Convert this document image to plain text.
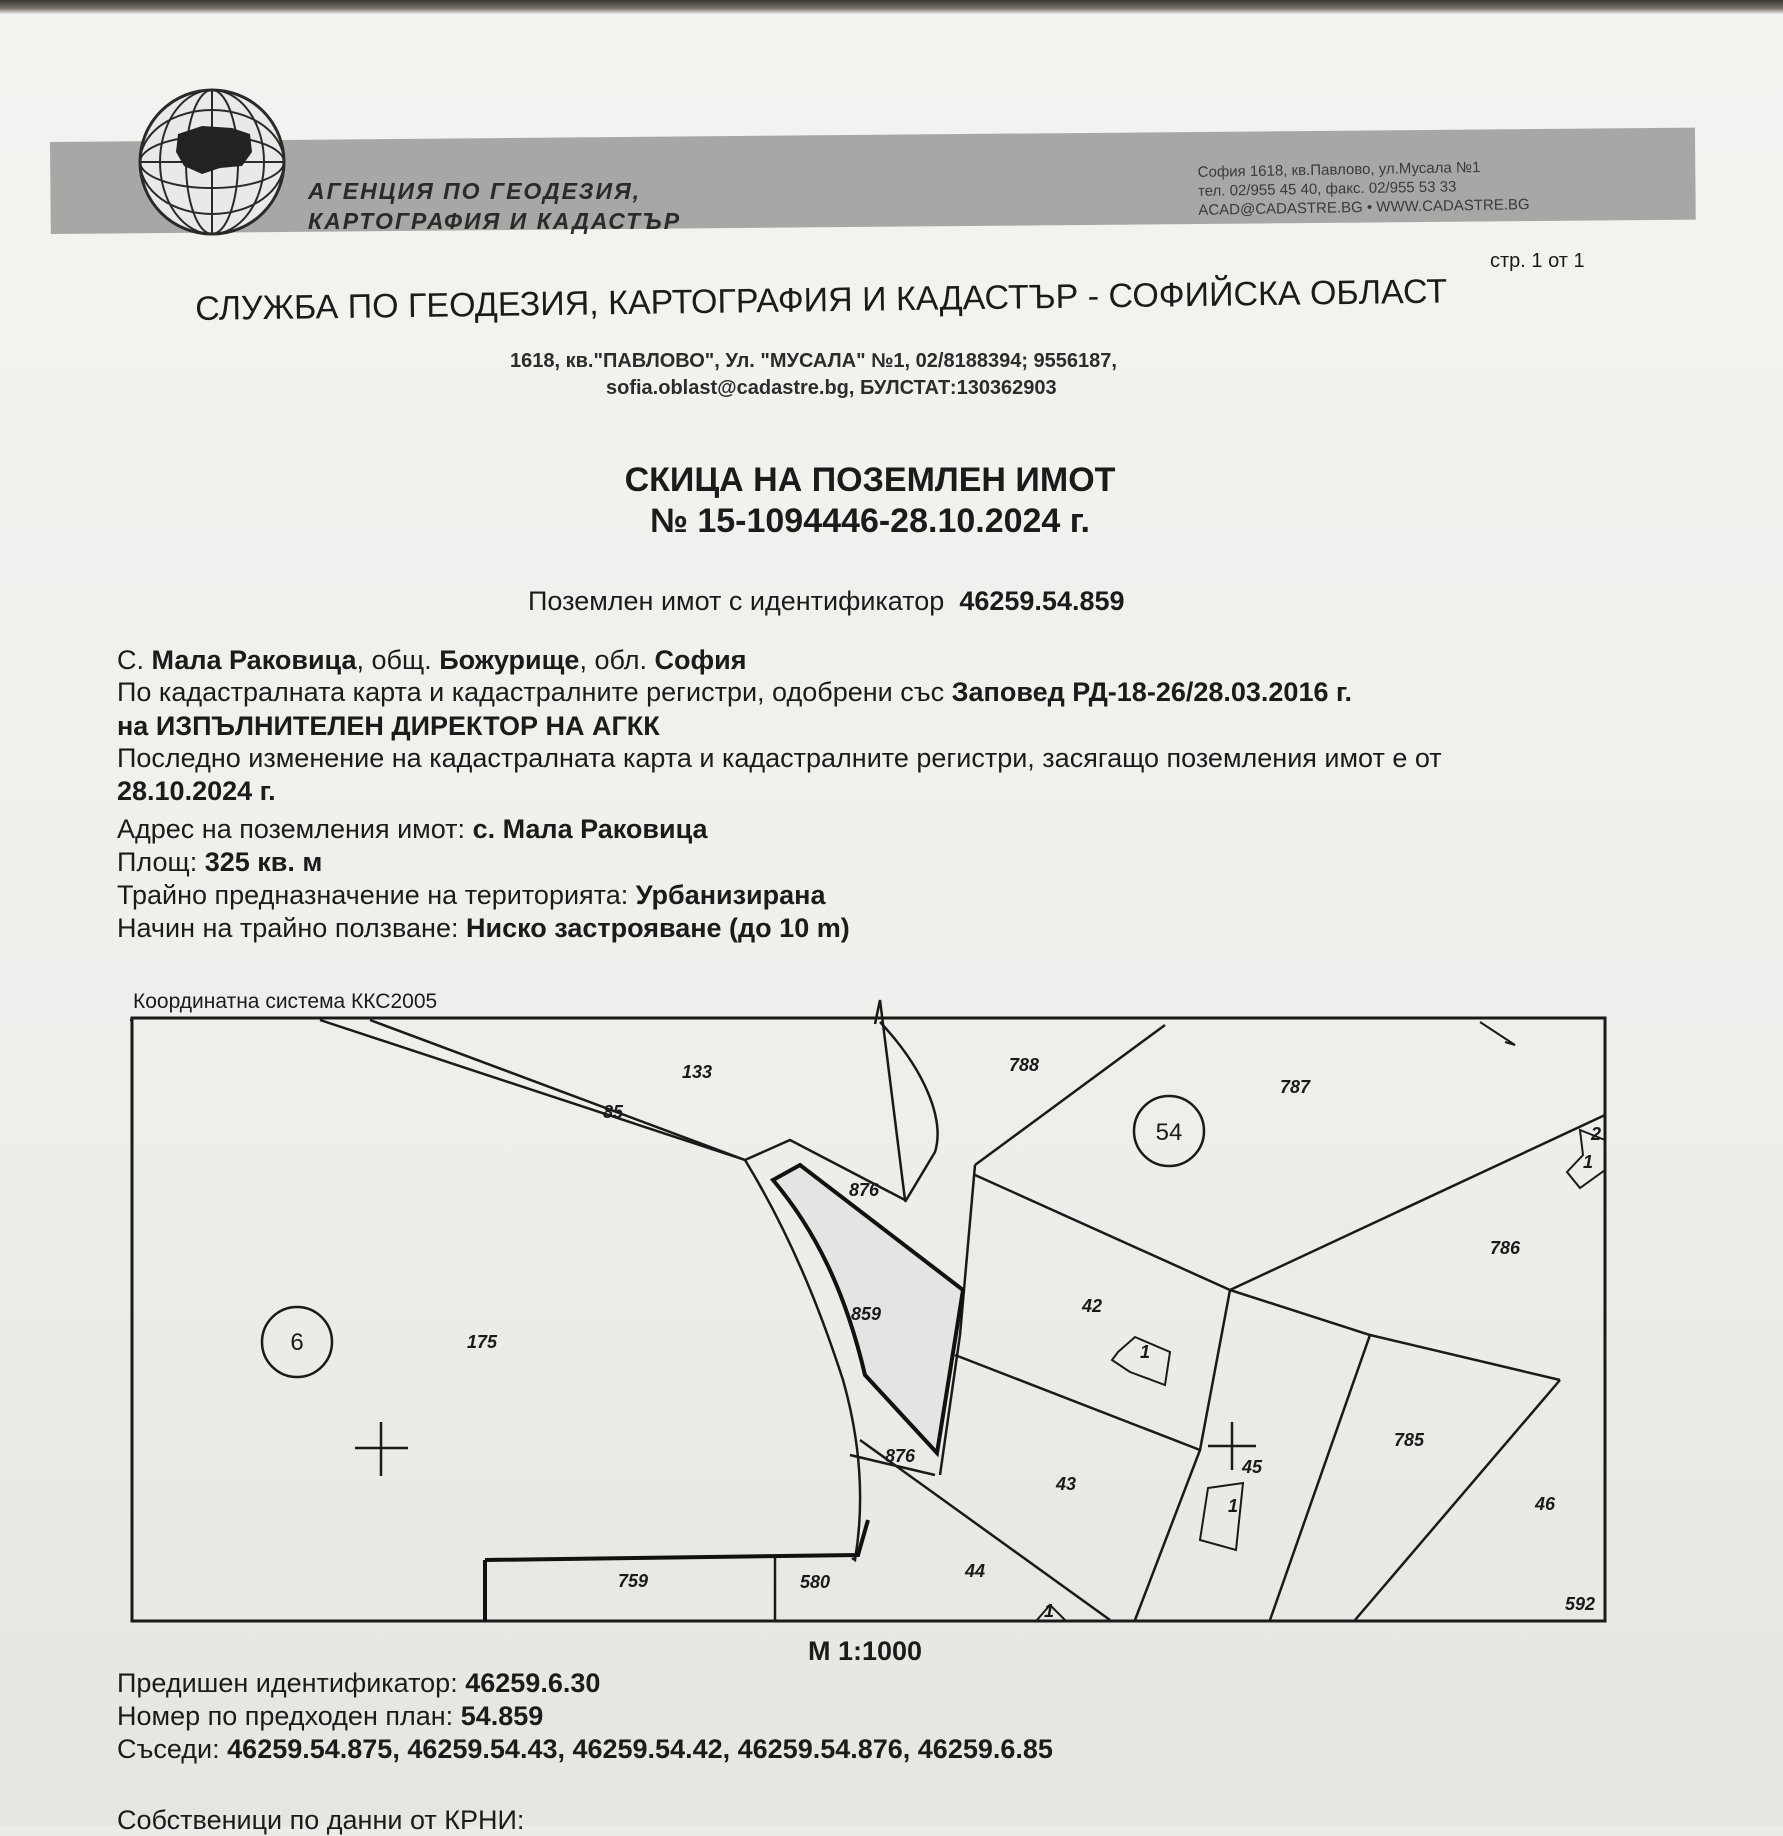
АГЕНЦИЯ ПО ГЕОДЕЗИЯ,
КАРТОГРАФИЯ И КАДАСТЪР
София 1618, кв.Павлово, ул.Мусала №1
тел. 02/955 45 40, факс. 02/955 53 33
ACAD@CADASTRE.BG • WWW.CADASTRE.BG
стр. 1 от 1
СЛУЖБА ПО ГЕОДЕЗИЯ, КАРТОГРАФИЯ И КАДАСТЪР - СОФИЙСКА ОБЛАСТ
1618, кв."ПАВЛОВО", Ул. "МУСАЛА" №1, 02/8188394; 9556187,
sofia.oblast@cadastre.bg, БУЛСТАТ:130362903
СКИЦА НА ПОЗЕМЛЕН ИМОТ
№ 15-1094446-28.10.2024 г.
Поземлен имот с идентификатор 46259.54.859
С. Мала Раковица, общ. Божурище, обл. София
По кадастралната карта и кадастралните регистри, одобрени със Заповед РД-18-26/28.03.2016 г.
на ИЗПЪЛНИТЕЛЕН ДИРЕКТОР НА АГКК
Последно изменение на кадастралната карта и кадастралните регистри, засягащо поземления имот е от
28.10.2024 г.
Адрес на поземления имот: с. Мала Раковица
Площ: 325 кв. м
Трайно предназначение на територията: Урбанизирана
Начин на трайно ползване: Ниско застрояване (до 10 m)
Координатна система ККС2005
54
6
133
85
788
787
876
786
42
859
175
876
45
785
43
46
1
1
759	580
44
592
2
1
1
М 1:1000
Предишен идентификатор: 46259.6.30
Номер по предходен план: 54.859
Съседи: 46259.54.875, 46259.54.43, 46259.54.42, 46259.54.876, 46259.6.85
Собственици по данни от КРНИ:
